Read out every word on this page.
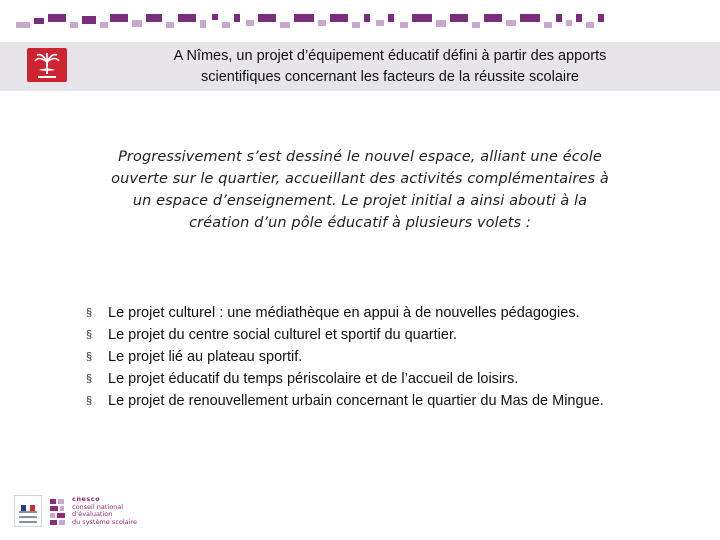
A Nîmes, un projet d’équipement éducatif défini à partir des apports
scientifiques concernant les facteurs de la réussite scolaire
Progressivement s’est dessiné le nouvel espace, alliant une école ouverte sur le quartier, accueillant des activités complémentaires à un espace d’enseignement. Le projet initial a ainsi abouti à la création d’un pôle éducatif à plusieurs volets :
§ Le projet culturel : une médiathèque en appui à de nouvelles pédagogies.
§ Le projet du centre social culturel et sportif du quartier.
§ Le projet lié au plateau sportif.
§ Le projet éducatif du temps périscolaire et de l’accueil de loisirs.
§ Le projet de renouvellement urbain concernant le quartier du Mas de Mingue.
cnesco
conseil national
d’évaluation
du système scolaire
